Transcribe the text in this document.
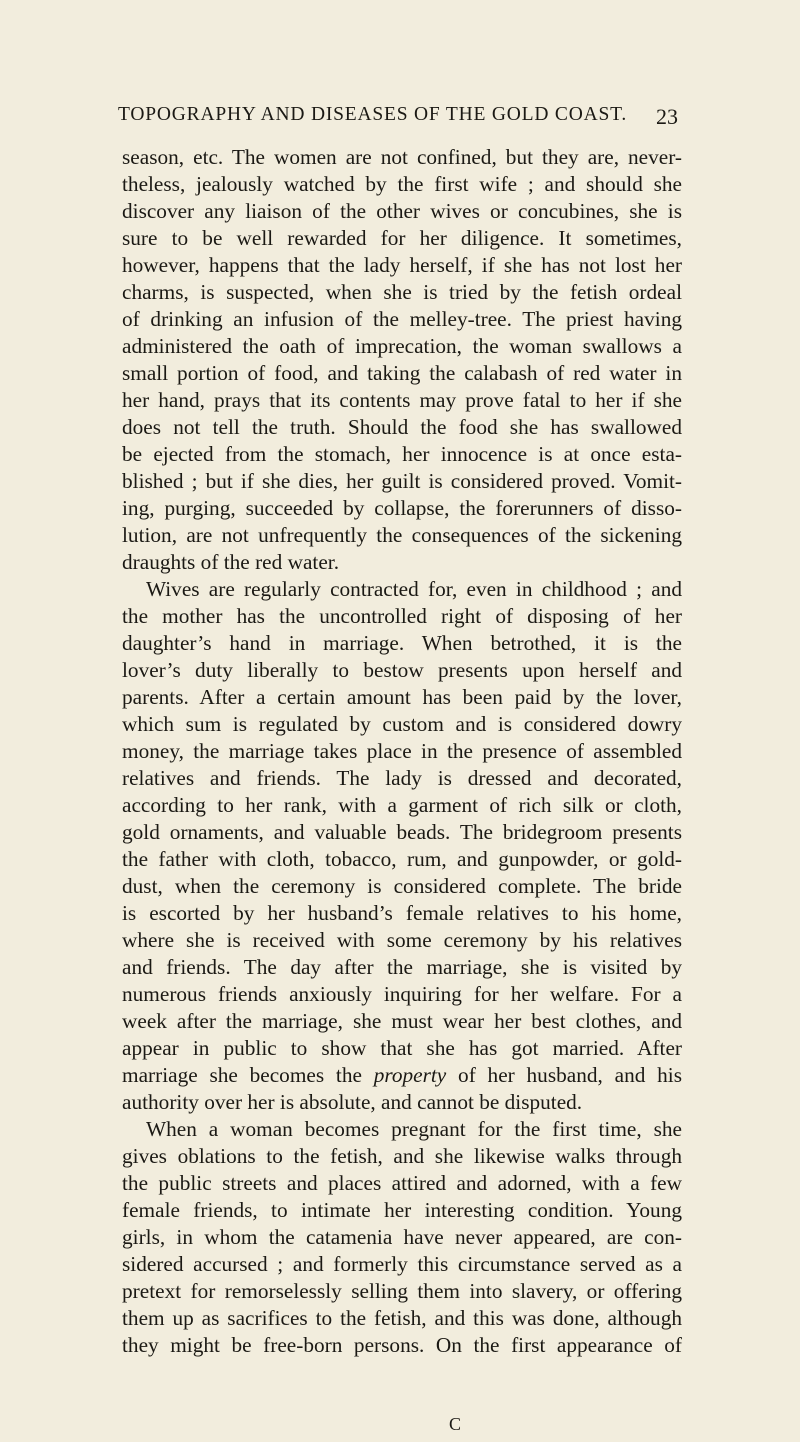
TOPOGRAPHY AND DISEASES OF THE GOLD COAST. 23
season, etc. The women are not confined, but they are, never-
theless, jealously watched by the first wife ; and should she
discover any liaison of the other wives or concubines, she is
sure to be well rewarded for her diligence. It sometimes,
however, happens that the lady herself, if she has not lost her
charms, is suspected, when she is tried by the fetish ordeal
of drinking an infusion of the melley-tree. The priest having
administered the oath of imprecation, the woman swallows a
small portion of food, and taking the calabash of red water in
her hand, prays that its contents may prove fatal to her if she
does not tell the truth. Should the food she has swallowed
be ejected from the stomach, her innocence is at once esta-
blished ; but if she dies, her guilt is considered proved. Vomit-
ing, purging, succeeded by collapse, the forerunners of disso-
lution, are not unfrequently the consequences of the sickening
draughts of the red water.
Wives are regularly contracted for, even in childhood ; and
the mother has the uncontrolled right of disposing of her
daughter’s hand in marriage. When betrothed, it is the
lover’s duty liberally to bestow presents upon herself and
parents. After a certain amount has been paid by the lover,
which sum is regulated by custom and is considered dowry
money, the marriage takes place in the presence of assembled
relatives and friends. The lady is dressed and decorated,
according to her rank, with a garment of rich silk or cloth,
gold ornaments, and valuable beads. The bridegroom presents
the father with cloth, tobacco, rum, and gunpowder, or gold-
dust, when the ceremony is considered complete. The bride
is escorted by her husband’s female relatives to his home,
where she is received with some ceremony by his relatives
and friends. The day after the marriage, she is visited by
numerous friends anxiously inquiring for her welfare. For a
week after the marriage, she must wear her best clothes, and
appear in public to show that she has got married. After
marriage she becomes the property of her husband, and his
authority over her is absolute, and cannot be disputed.
When a woman becomes pregnant for the first time, she
gives oblations to the fetish, and she likewise walks through
the public streets and places attired and adorned, with a few
female friends, to intimate her interesting condition. Young
girls, in whom the catamenia have never appeared, are con-
sidered accursed ; and formerly this circumstance served as a
pretext for remorselessly selling them into slavery, or offering
them up as sacrifices to the fetish, and this was done, although
they might be free-born persons. On the first appearance of
C
